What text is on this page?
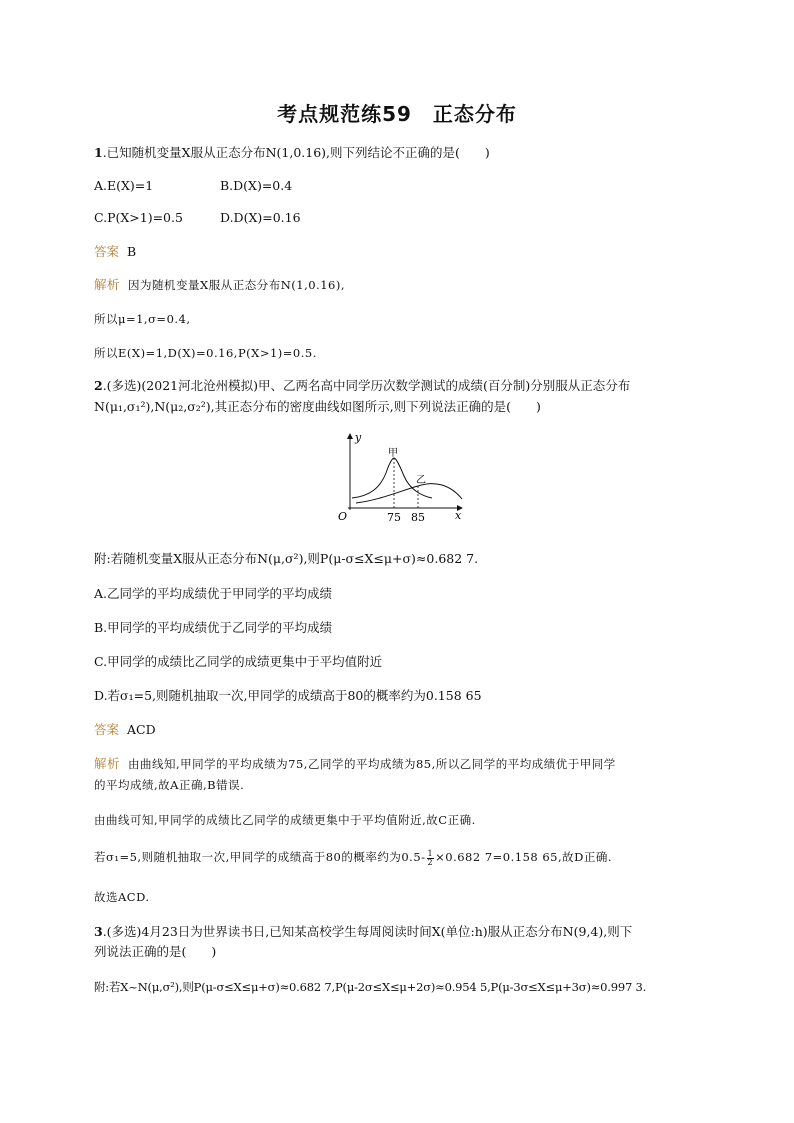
考点规范练59　正态分布
1.已知随机变量X服从正态分布N(1,0.16),则下列结论不正确的是(　　)
A.E(X)=1	B.D(X)=0.4
C.P(X>1)=0.5	D.D(X)=0.16
答案 B
解析 因为随机变量X服从正态分布N(1,0.16),
所以μ=1,σ=0.4,
所以E(X)=1,D(X)=0.16,P(X>1)=0.5.
2.(多选)(2021河北沧州模拟)甲、乙两名高中同学历次数学测试的成绩(百分制)分别服从正态分布
N(μ₁,σ₁²),N(μ₂,σ₂²),其正态分布的密度曲线如图所示,则下列说法正确的是(　　)
y
x
O
甲
乙
75 85
附:若随机变量X服从正态分布N(μ,σ²),则P(μ-σ≤X≤μ+σ)≈0.682 7.
A.乙同学的平均成绩优于甲同学的平均成绩
B.甲同学的平均成绩优于乙同学的平均成绩
C.甲同学的成绩比乙同学的成绩更集中于平均值附近
D.若σ₁=5,则随机抽取一次,甲同学的成绩高于80的概率约为0.158 65
答案 ACD
解析 由曲线知,甲同学的平均成绩为75,乙同学的平均成绩为85,所以乙同学的平均成绩优于甲同学
的平均成绩,故A正确,B错误.
由曲线可知,甲同学的成绩比乙同学的成绩更集中于平均值附近,故C正确.
若σ₁=5,则随机抽取一次,甲同学的成绩高于80的概率约为$0.5- \frac{1}{2} \times 0.682$ 7=0.158 65,故D正确.
故选ACD.
3.(多选)4月23日为世界读书日,已知某高校学生每周阅读时间X(单位:h)服从正态分布N(9,4),则下
列说法正确的是(　　)
附:若X~N(μ,σ²),则P(μ-σ≤X≤μ+σ)≈0.682 7,P(μ-2σ≤X≤μ+2σ)≈0.954 5,P(μ-3σ≤X≤μ+3σ)≈0.997 3.
